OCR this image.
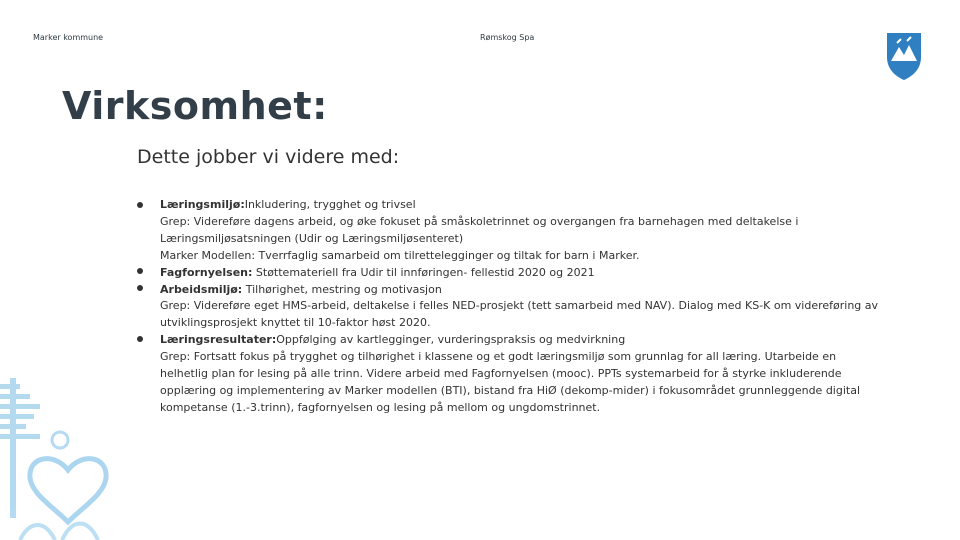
Marker kommune	Rømskog Spa
Virksomhet:
Dette jobber vi videre med:
Læringsmiljø:Inkludering, trygghet og trivsel
Grep: Videreføre dagens arbeid, og øke fokuset på småskoletrinnet og overgangen fra barnehagen med deltakelse i
Læringsmiljøsatsningen (Udir og Læringsmiljøsenteret)
Marker Modellen: Tverrfaglig samarbeid om tilrettelegginger og tiltak for barn i Marker.
Fagfornyelsen: Støttemateriell fra Udir til innføringen- fellestid 2020 og 2021
Arbeidsmiljø: Tilhørighet, mestring og motivasjon
Grep: Videreføre eget HMS-arbeid, deltakelse i felles NED-prosjekt (tett samarbeid med NAV). Dialog med KS-K om videreføring av
utviklingsprosjekt knyttet til 10-faktor høst 2020.
Læringsresultater:Oppfølging av kartlegginger, vurderingspraksis og medvirkning
Grep: Fortsatt fokus på trygghet og tilhørighet i klassene og et godt læringsmiljø som grunnlag for all læring. Utarbeide en
helhetlig plan for lesing på alle trinn. Videre arbeid med Fagfornyelsen (mooc). PPTs systemarbeid for å styrke inkluderende
opplæring og implementering av Marker modellen (BTI), bistand fra HiØ (dekomp-mider) i fokusområdet grunnleggende digital
kompetanse (1.-3.trinn), fagfornyelsen og lesing på mellom og ungdomstrinnet.
